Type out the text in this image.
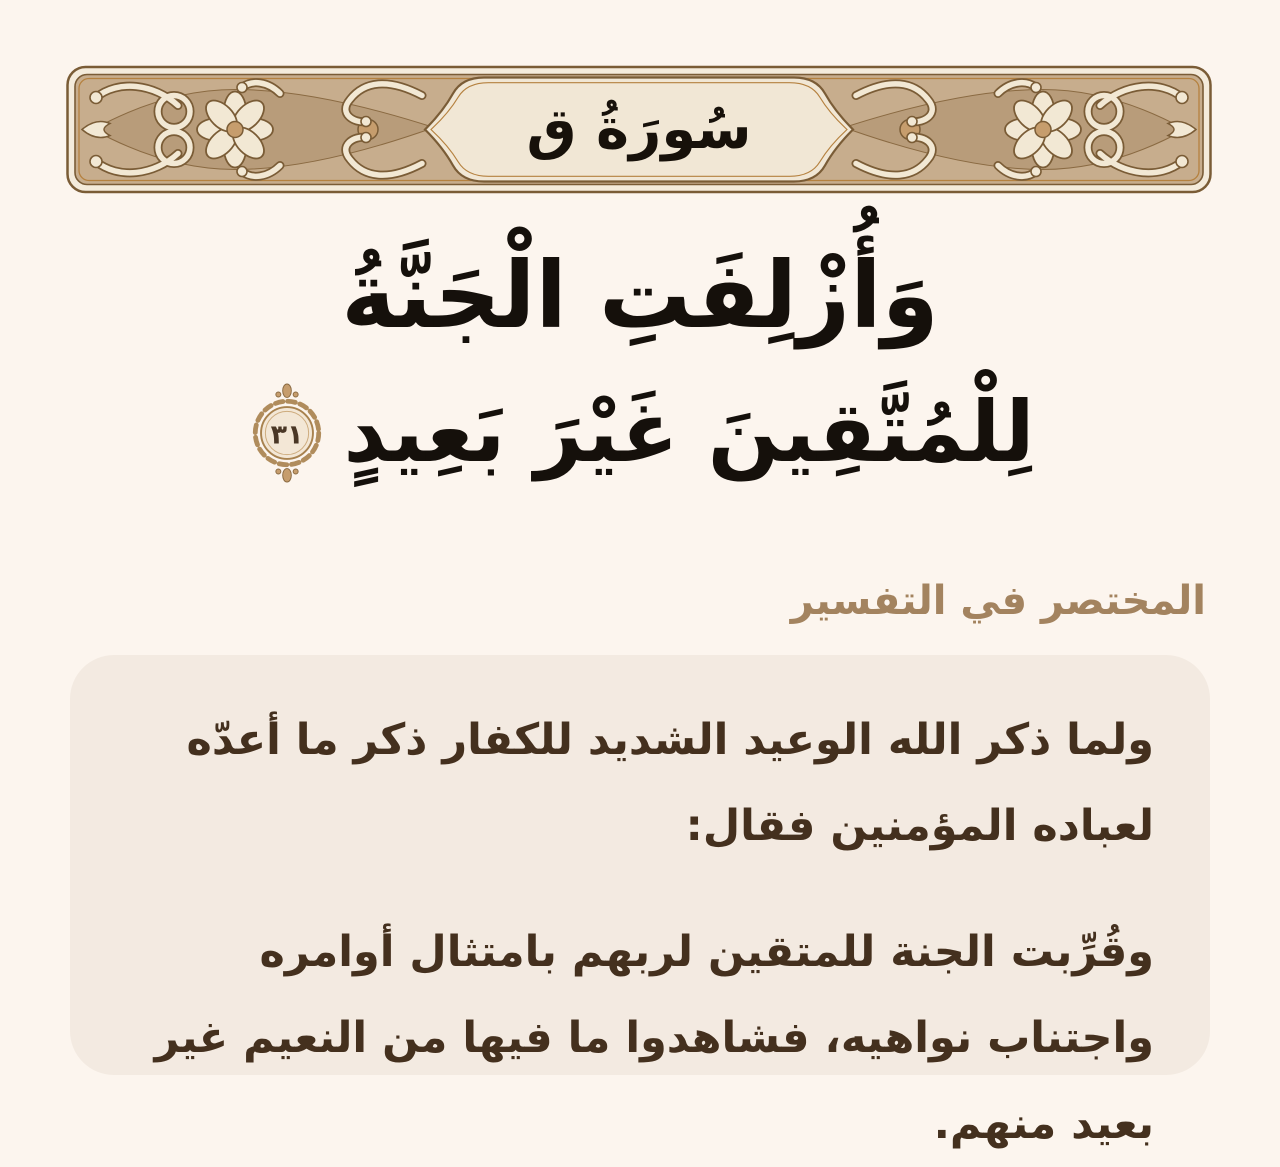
سُورَةُ ق
وَأُزْلِفَتِ الْجَنَّةُ
لِلْمُتَّقِينَ غَيْرَ بَعِيدٍ
٣١
المختصر في التفسير

ولما ذكر الله الوعيد الشديد للكفار ذكر ما أعدّه لعباده المؤمنين فقال:

وقُرِّبت الجنة للمتقين لربهم بامتثال أوامره واجتناب نواهيه، فشاهدوا ما فيها من النعيم غير بعيد منهم.
